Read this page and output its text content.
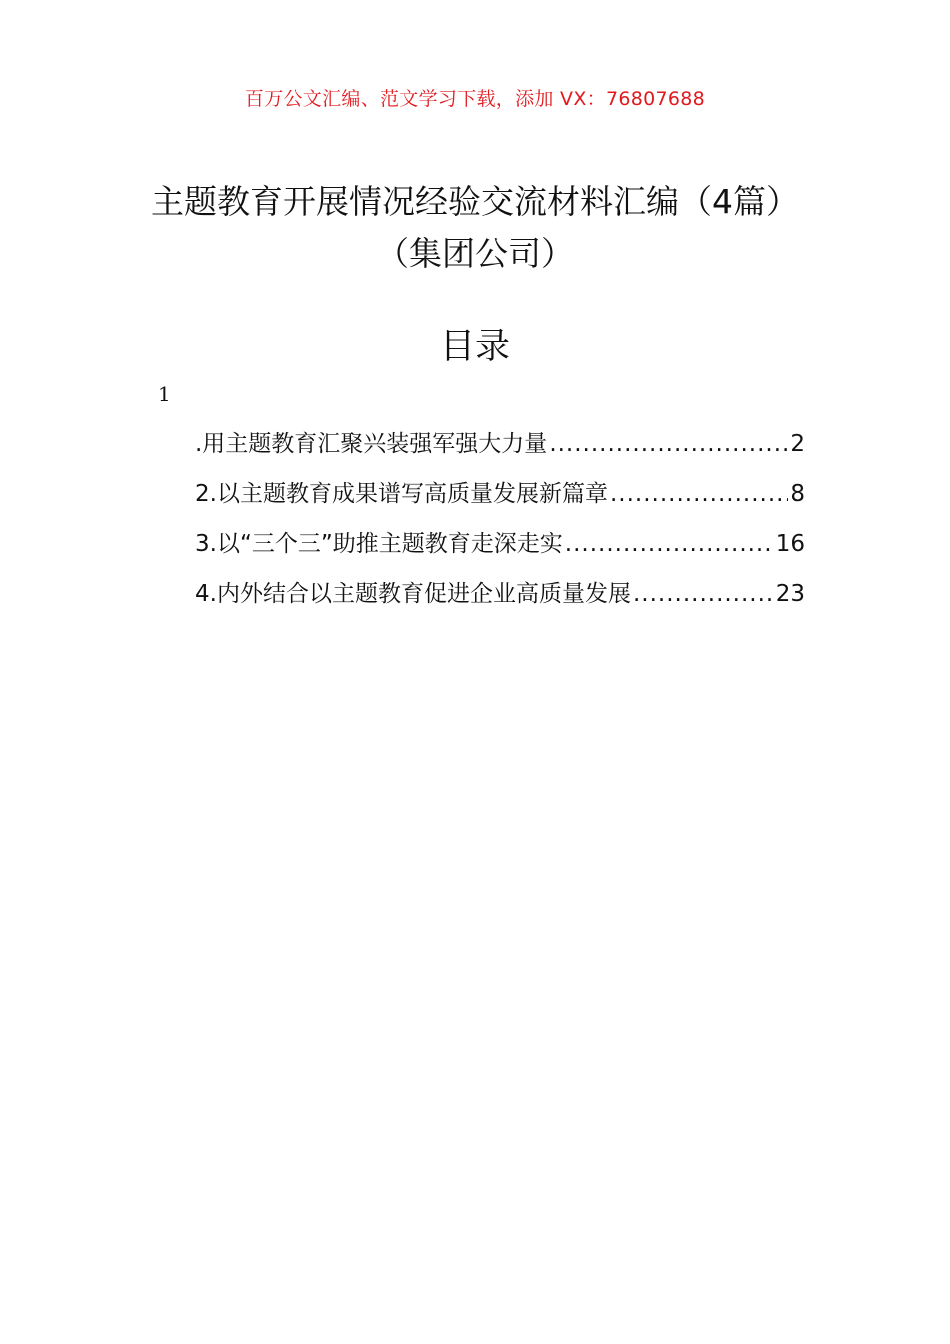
百万公文汇编、范文学习下载，添加 VX：76807688
主题教育开展情况经验交流材料汇编（4篇）（集团公司）
目录
1
.用主题教育汇聚兴装强军强大力量 .....	2
2.以主题教育成果谱写高质量发展新篇章 .....	8
3.以“三个三”助推主题教育走深走实 .....	16
4.内外结合以主题教育促进企业高质量发展 .....	23
